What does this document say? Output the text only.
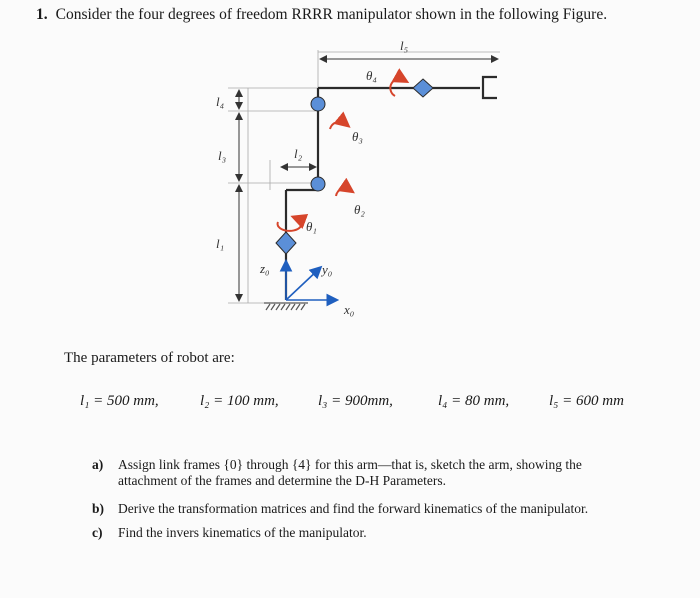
1. Consider the four degrees of freedom RRRR manipulator shown in the following Figure.
l₄
l₃
l₁
l₂
l₅
θ₁
θ₂
θ₃
θ₄
z₀	y₀
x₀
The parameters of robot are:
l₁ = 500 mm,	l₂ = 100 mm,	l₃ = 900mm,	l₄ = 80 mm,	l₅ = 600 mm
a) Assign link frames {0} through {4} for this arm—that is, sketch the arm, showing the
attachment of the frames and determine the D-H Parameters.
b) Derive the transformation matrices and find the forward kinematics of the manipulator.
c) Find the invers kinematics of the manipulator.
